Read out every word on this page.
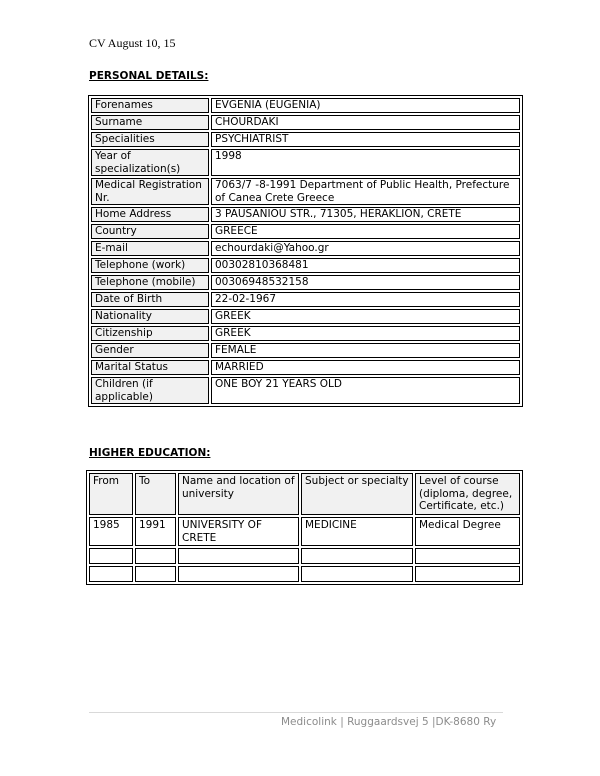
CV August 10, 15
PERSONAL DETAILS:
Forenames	EVGENIA (EUGENIA)
Surname	CHOURDAKI
Specialities	PSYCHIATRIST
Year of specialization(s)	1998
Medical Registration Nr.	7063/7 -8-1991 Department of Public Health, Prefecture of Canea Crete Greece
Home Address	3 PAUSANIOU STR., 71305, HERAKLION, CRETE
Country	GREECE
E-mail	echourdaki@Yahoo.gr
Telephone (work)	00302810368481
Telephone (mobile)	00306948532158
Date of Birth	22-02-1967
Nationality	GREEK
Citizenship	GREEK
Gender	FEMALE
Marital Status	MARRIED
Children (if applicable)	ONE BOY 21 YEARS OLD
HIGHER EDUCATION:
From	To	Name and location of university	Subject or specialty	Level of course (diploma, degree, Certificate, etc.)
1985	1991	UNIVERSITY OF CRETE	MEDICINE	Medical Degree

Medicolink | Ruggaardsvej 5 |DK-8680 Ry
